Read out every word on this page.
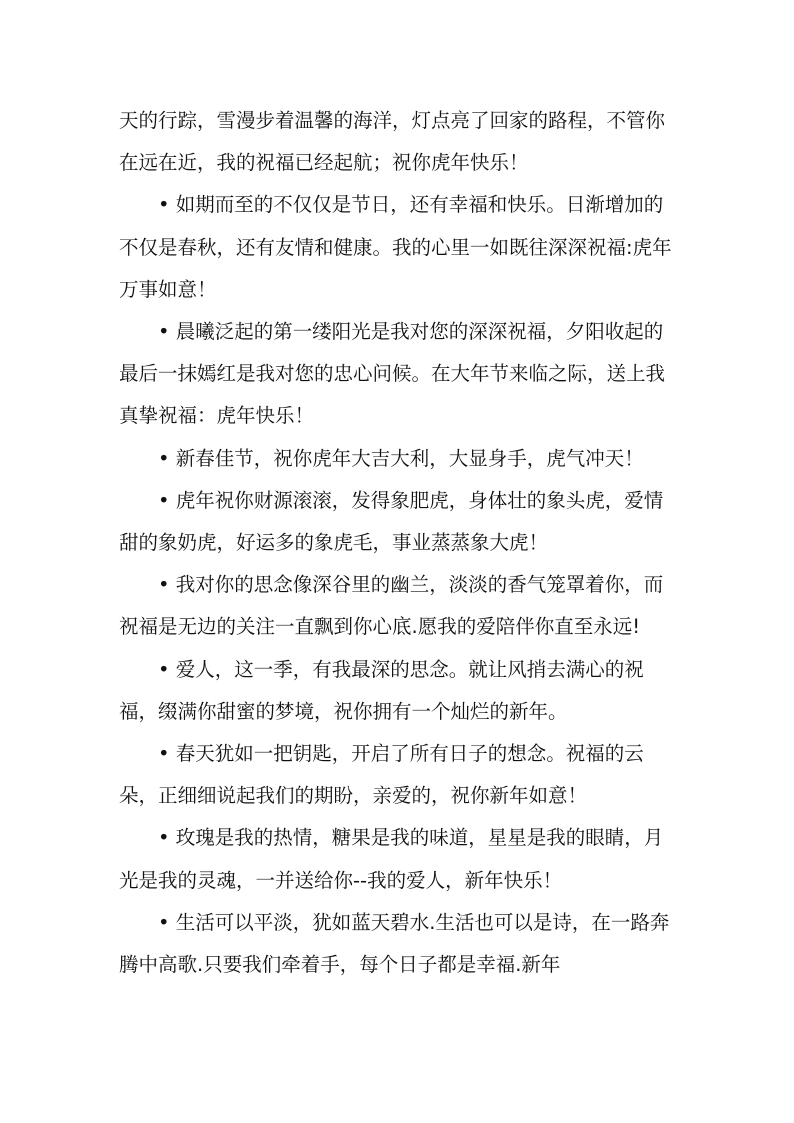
天的行踪，雪漫步着温馨的海洋，灯点亮了回家的路程，不管你在远在近，我的祝福已经起航；祝你虎年快乐！

• 如期而至的不仅仅是节日，还有幸福和快乐。日渐增加的不仅是春秋，还有友情和健康。我的心里一如既往深深祝福:虎年万事如意！

• 晨曦泛起的第一缕阳光是我对您的深深祝福，夕阳收起的最后一抹嫣红是我对您的忠心问候。在大年节来临之际，送上我真挚祝福：虎年快乐！

• 新春佳节，祝你虎年大吉大利，大显身手，虎气冲天！

• 虎年祝你财源滚滚，发得象肥虎，身体壮的象头虎，爱情甜的象奶虎，好运多的象虎毛，事业蒸蒸象大虎！

• 我对你的思念像深谷里的幽兰，淡淡的香气笼罩着你，而祝福是无边的关注一直飘到你心底.愿我的爱陪伴你直至永远!

• 爱人，这一季，有我最深的思念。就让风捎去满心的祝福，缀满你甜蜜的梦境，祝你拥有一个灿烂的新年。

• 春天犹如一把钥匙，开启了所有日子的想念。祝福的云朵，正细细说起我们的期盼，亲爱的，祝你新年如意！

• 玫瑰是我的热情，糖果是我的味道，星星是我的眼睛，月光是我的灵魂，一并送给你--我的爱人，新年快乐！

• 生活可以平淡，犹如蓝天碧水.生活也可以是诗，在一路奔腾中高歌.只要我们牵着手，每个日子都是幸福.新年
